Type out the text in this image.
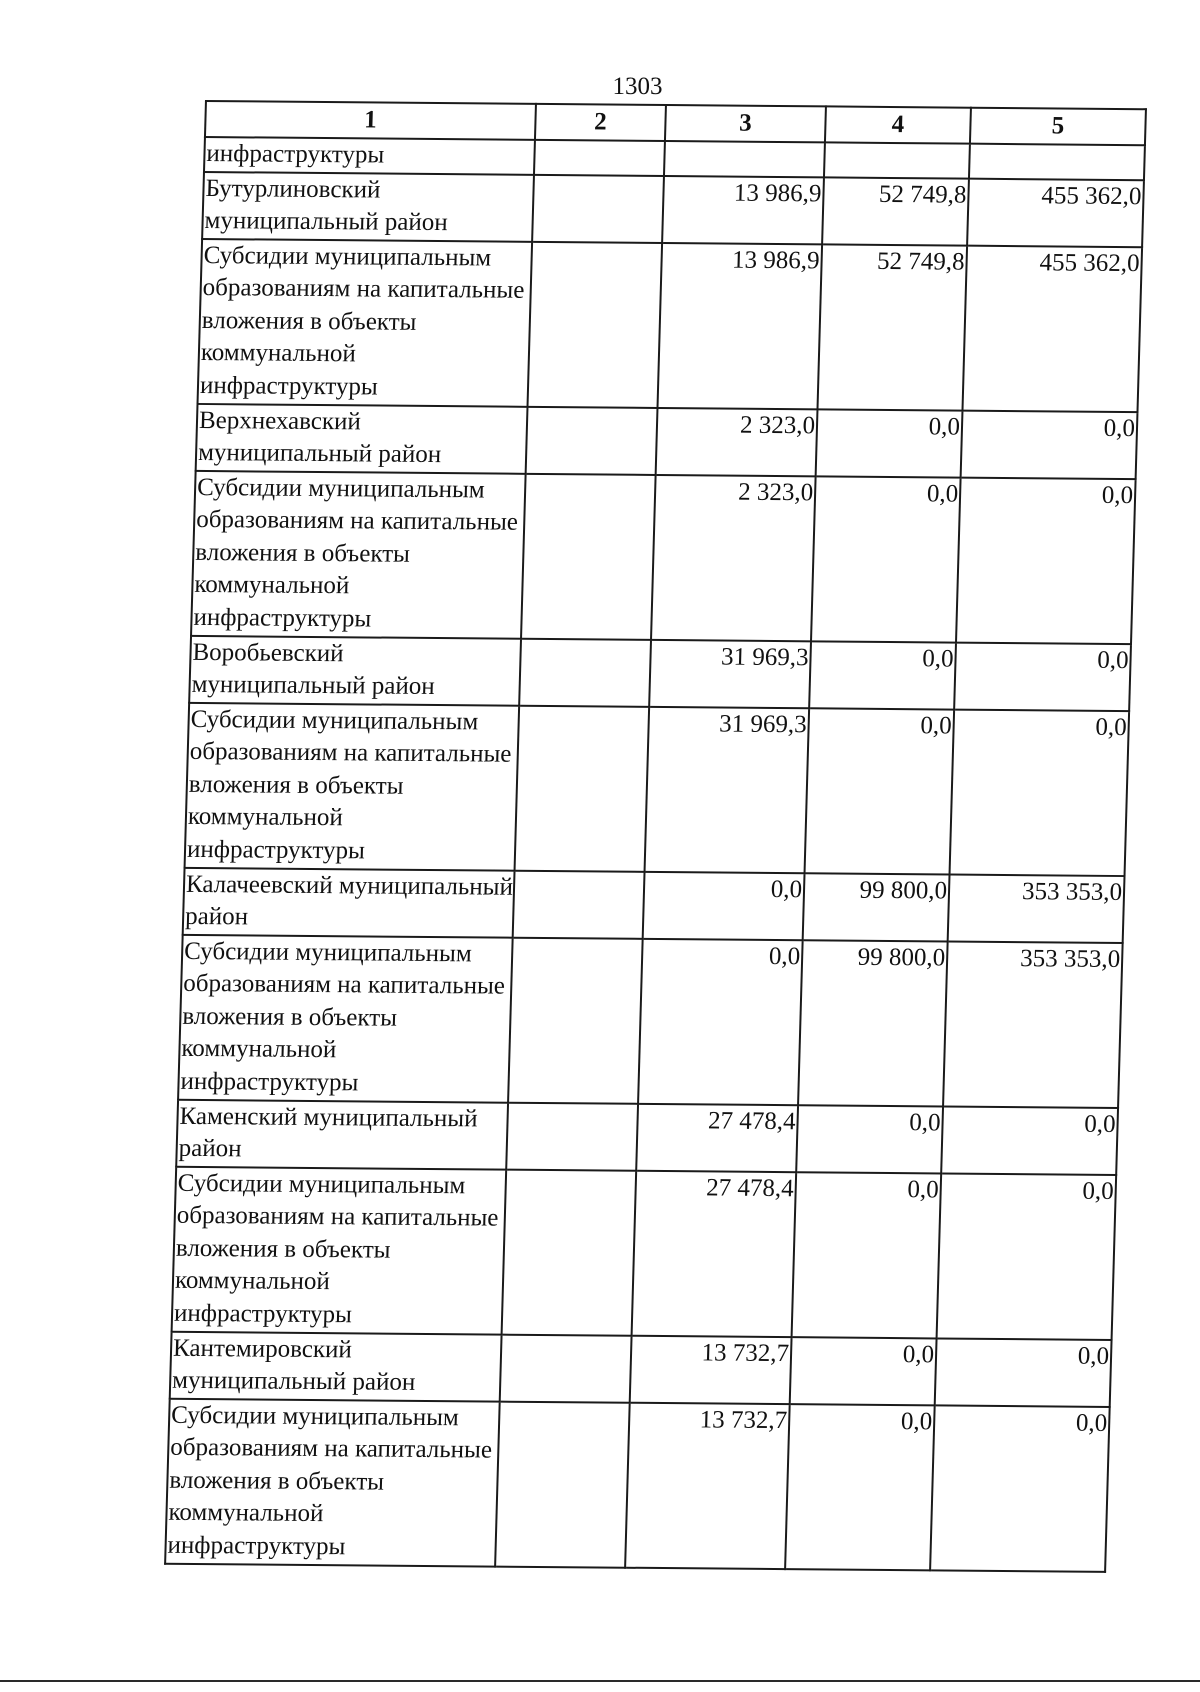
1303
1	2	3	4	5
инфраструктуры				
Бутурлиновский муниципальный район		13 986,9	52 749,8	455 362,0
Субсидии муниципальным образованиям на капитальные вложения в объекты коммунальной инфраструктуры		13 986,9	52 749,8	455 362,0
Верхнехавский муниципальный район		2 323,0	0,0	0,0
Субсидии муниципальным образованиям на капитальные вложения в объекты коммунальной инфраструктуры		2 323,0	0,0	0,0
Воробьевский муниципальный район		31 969,3	0,0	0,0
Субсидии муниципальным образованиям на капитальные вложения в объекты коммунальной инфраструктуры		31 969,3	0,0	0,0
Калачеевский муниципальный район		0,0	99 800,0	353 353,0
Субсидии муниципальным образованиям на капитальные вложения в объекты коммунальной инфраструктуры		0,0	99 800,0	353 353,0
Каменский муниципальный район		27 478,4	0,0	0,0
Субсидии муниципальным образованиям на капитальные вложения в объекты коммунальной инфраструктуры		27 478,4	0,0	0,0
Кантемировский муниципальный район		13 732,7	0,0	0,0
Субсидии муниципальным образованиям на капитальные вложения в объекты коммунальной инфраструктуры		13 732,7	0,0	0,0
